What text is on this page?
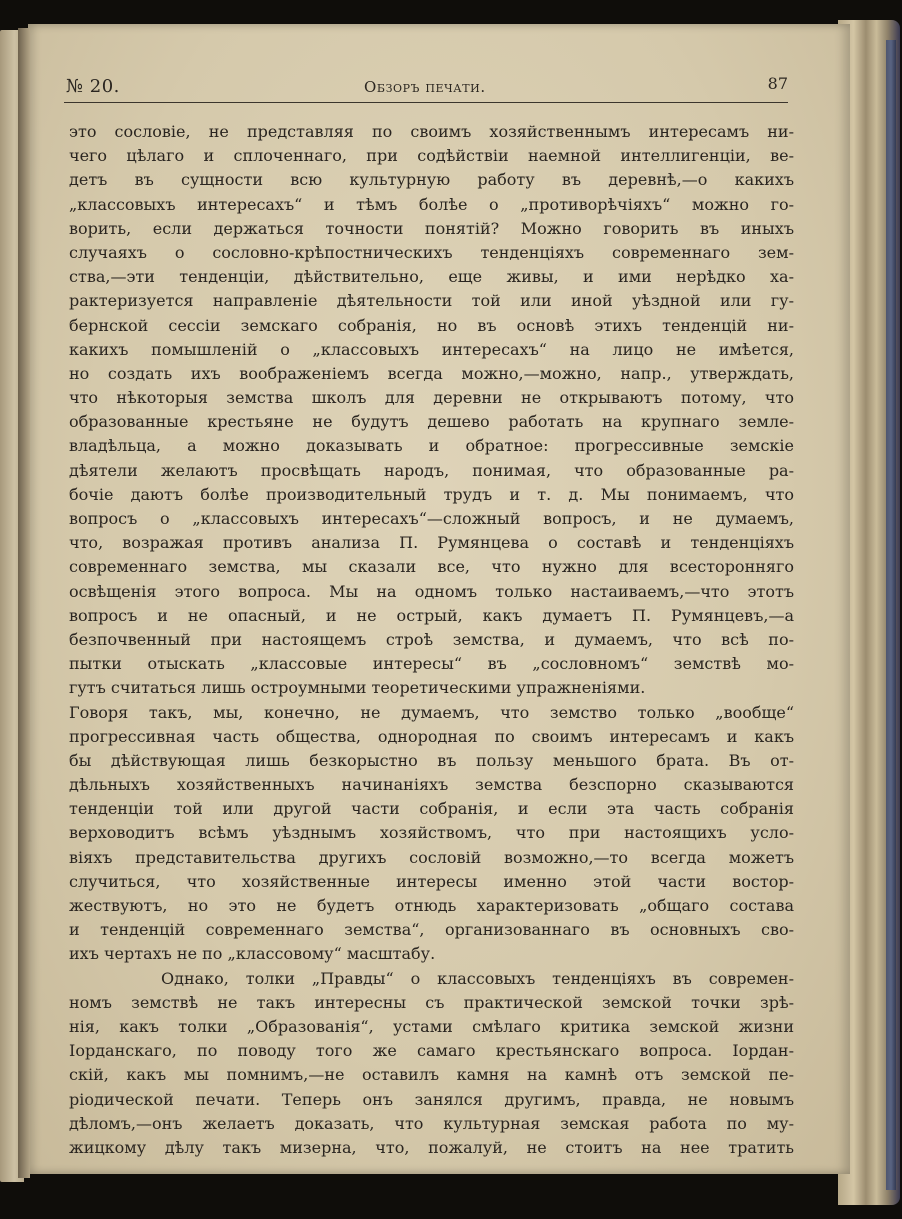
№ 20.	Обзоръ печати.	87
это сословіе, не представляя по своимъ хозяйственнымъ интересамъ ни-
чего цѣлаго и сплоченнаго, при содѣйствіи наемной интеллигенціи, ве-
детъ въ сущности всю культурную работу въ деревнѣ,—о какихъ
„классовыхъ интересахъ“ и тѣмъ болѣе о „противорѣчіяхъ“ можно го-
ворить, если держаться точности понятій? Можно говорить въ иныхъ
случаяхъ о сословно-крѣпостническихъ тенденціяхъ современнаго зем-
ства,—эти тенденціи, дѣйствительно, еще живы, и ими нерѣдко ха-
рактеризуется направленіе дѣятельности той или иной уѣздной или гу-
бернской сессіи земскаго собранія, но въ основѣ этихъ тенденцій ни-
какихъ помышленій о „классовыхъ интересахъ“ на лицо не имѣется,
но создать ихъ воображеніемъ всегда можно,—можно, напр., утверждать,
что нѣкоторыя земства школъ для деревни не открываютъ потому, что
образованные крестьяне не будутъ дешево работать на крупнаго земле-
владѣльца, а можно доказывать и обратное: прогрессивные земскіе
дѣятели желаютъ просвѣщать народъ, понимая, что образованные ра-
бочіе даютъ болѣе производительный трудъ и т. д. Мы понимаемъ, что
вопросъ о „классовыхъ интересахъ“—сложный вопросъ, и не думаемъ,
что, возражая противъ анализа П. Румянцева о составѣ и тенденціяхъ
современнаго земства, мы сказали все, что нужно для всесторонняго
освѣщенія этого вопроса. Мы на одномъ только настаиваемъ,—что этотъ
вопросъ и не опасный, и не острый, какъ думаетъ П. Румянцевъ,—а
безпочвенный при настоящемъ строѣ земства, и думаемъ, что всѣ по-
пытки отыскать „классовые интересы“ въ „сословномъ“ земствѣ мо-
гутъ считаться лишь остроумными теоретическими упражненіями.
Говоря такъ, мы, конечно, не думаемъ, что земство только „вообще“
прогрессивная часть общества, однородная по своимъ интересамъ и какъ
бы дѣйствующая лишь безкорыстно въ пользу меньшого брата. Въ от-
дѣльныхъ хозяйственныхъ начинаніяхъ земства безспорно сказываются
тенденціи той или другой части собранія, и если эта часть собранія
верховодитъ всѣмъ уѣзднымъ хозяйствомъ, что при настоящихъ усло-
віяхъ представительства другихъ сословій возможно,—то всегда можетъ
случиться, что хозяйственные интересы именно этой части востор-
жествуютъ, но это не будетъ отнюдь характеризовать „общаго состава
и тенденцій современнаго земства“, организованнаго въ основныхъ сво-
ихъ чертахъ не по „классовому“ масштабу.
Однако, толки „Правды“ о классовыхъ тенденціяхъ въ современ-
номъ земствѣ не такъ интересны съ практической земской точки зрѣ-
нія, какъ толки „Образованія“, устами смѣлаго критика земской жизни
Іорданскаго, по поводу того же самаго крестьянскаго вопроса. Іордан-
скій, какъ мы помнимъ,—не оставилъ камня на камнѣ отъ земской пе-
ріодической печати. Теперь онъ занялся другимъ, правда, не новымъ
дѣломъ,—онъ желаетъ доказать, что культурная земская работа по му-
жицкому дѣлу такъ мизерна, что, пожалуй, не стоитъ на нее тратить
